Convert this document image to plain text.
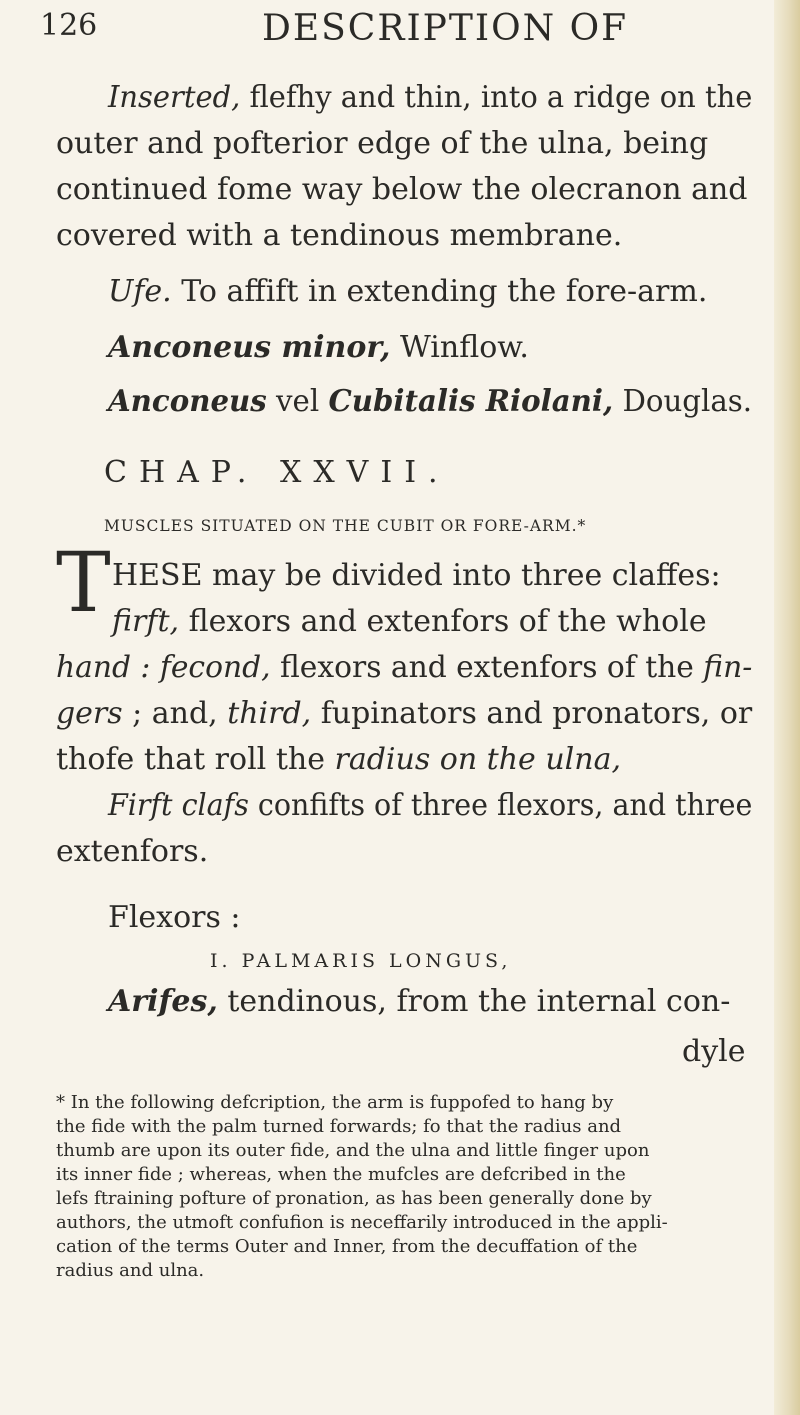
126	DESCRIPTION OF
Inserted, flefhy and thin, into a ridge on the
outer and pofterior edge of the ulna, being
continued fome way below the olecranon and
covered with a tendinous membrane.
Ufe. To affift in extending the fore-arm.
Anconeus minor, Winflow.
Anconeus vel Cubitalis Riolani, Douglas.
CHAP. XXVII.
MUSCLES SITUATED ON THE CUBIT OR FORE-ARM.*
T HESE may be divided into three claffes:
firft, flexors and extenfors of the whole
hand : fecond, flexors and extenfors of the fin-
gers ; and, third, fupinators and pronators, or
thofe that roll the radius on the ulna,
Firft clafs confifts of three flexors, and three
extenfors.
Flexors :
I. PALMARIS LONGUS,
Arifes, tendinous, from the internal con-
dyle
* In the following defcription, the arm is fuppofed to hang by
the fide with the palm turned forwards; fo that the radius and
thumb are upon its outer fide, and the ulna and little finger upon
its inner fide ; whereas, when the mufcles are defcribed in the
lefs ftraining pofture of pronation, as has been generally done by
authors, the utmoft confufion is neceffarily introduced in the appli-
cation of the terms Outer and Inner, from the decuffation of the
radius and ulna.
